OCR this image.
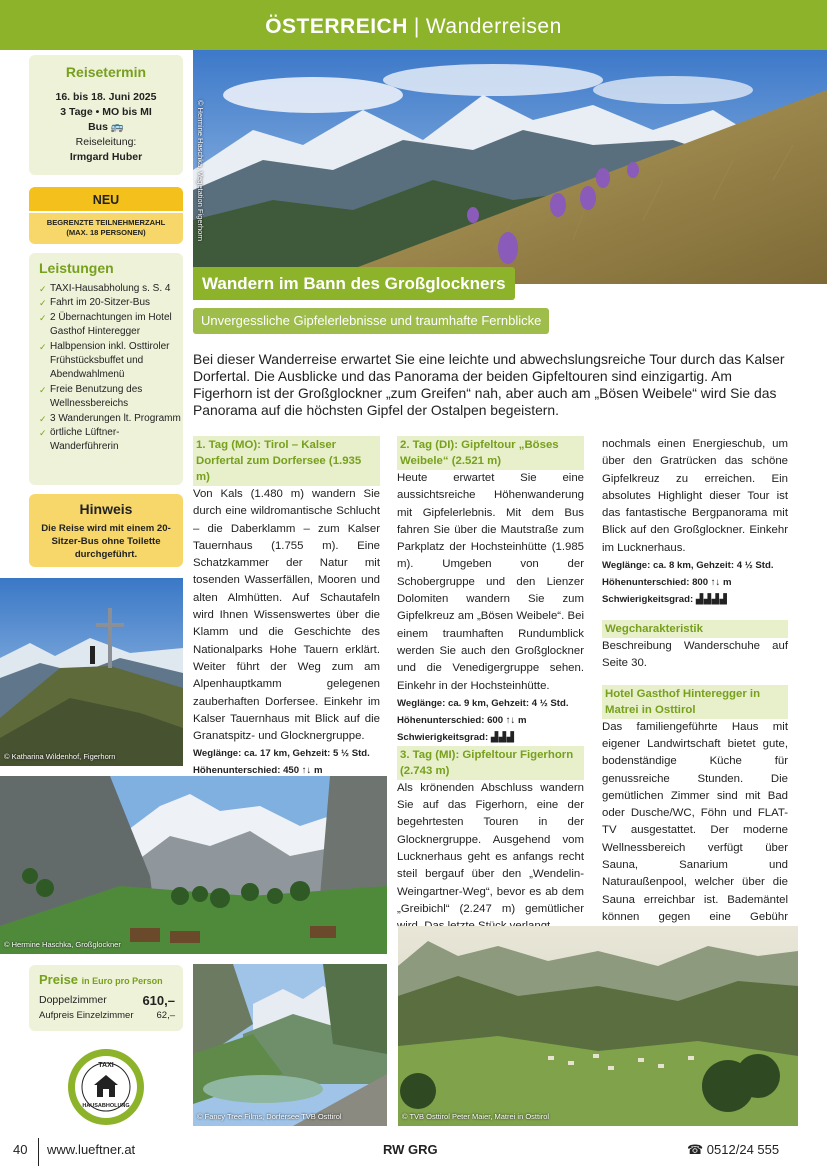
ÖSTERREICH | Wanderreisen
Reisetermin
16. bis 18. Juni 2025
3 Tage • MO bis MI
Bus 🚌
Reiseleitung:
Irmgard Huber
NEU
BEGRENZTE TEILNEHMERZAHL
(MAX. 18 PERSONEN)
Leistungen
✓ TAXI-Hausabholung s. S. 4
✓ Fahrt im 20-Sitzer-Bus
✓ 2 Übernachtungen im Hotel Gasthof Hinteregger
✓ Halbpension inkl. Osttiroler Frühstücksbuffet und Abendwahlmenü
✓ Freie Benutzung des Wellnessbereichs
✓ 3 Wanderungen lt. Programm
✓ örtliche Lüftner-Wanderführerin
Hinweis
Die Reise wird mit einem 20-Sitzer-Bus ohne Toilette durchgeführt.
© Hermine Haschka, Vegetation Figerhorn
Wandern im Bann des Großglockners
Unvergessliche Gipfelerlebnisse und traumhafte Fernblicke
Bei dieser Wanderreise erwartet Sie eine leichte und abwechslungsreiche Tour durch das Kalser Dorfertal. Die Ausblicke und das Panorama der beiden Gipfeltouren sind einzigartig. Am Figerhorn ist der Großglockner „zum Greifen“ nah, aber auch am „Bösen Weibele“ wird Sie das Panorama auf die höchsten Gipfel der Ostalpen begeistern.
1. Tag (MO): Tirol – Kalser Dorfertal zum Dorfersee (1.935 m)
Von Kals (1.480 m) wandern Sie durch eine wildromantische Schlucht – die Daberklamm – zum Kalser Tauernhaus (1.755 m). Eine Schatzkammer der Natur mit tosenden Wasserfällen, Mooren und alten Almhütten. Auf Schautafeln wird Ihnen Wissenswertes über die Klamm und die Geschichte des Nationalparks Hohe Tauern erklärt. Weiter führt der Weg zum am Alpenhauptkamm gelegenen zauberhaften Dorfersee. Einkehr im Kalser Tauernhaus mit Blick auf die Granatspitz- und Glocknergruppe.
Weglänge: ca. 17 km, Gehzeit: 5 ½ Std.
Höhenunterschied: 450 ↑↓ m
2. Tag (DI): Gipfeltour „Böses Weibele“ (2.521 m)
Heute erwartet Sie eine aussichtsreiche Höhenwanderung mit Gipfelerlebnis. Mit dem Bus fahren Sie über die Mautstraße zum Parkplatz der Hochsteinhütte (1.985 m). Umgeben von der Schobergruppe und den Lienzer Dolomiten wandern Sie zum Gipfelkreuz am „Bösen Weibele“. Bei einem traumhaften Rundumblick werden Sie auch den Großglockner und die Venedigergruppe sehen. Einkehr in der Hochsteinhütte.
Weglänge: ca. 9 km, Gehzeit: 4 ½ Std.
Höhenunterschied: 600 ↑↓ m
Schwierigkeitsgrad: ▟▟▟
3. Tag (MI): Gipfeltour Figerhorn (2.743 m)
Als krönenden Abschluss wandern Sie auf das Figerhorn, eine der begehrtesten Touren in der Glocknergruppe. Ausgehend vom Lucknerhaus geht es anfangs recht steil bergauf über den „Wendelin-Weingartner-Weg“, bevor es ab dem „Greibichl“ (2.247 m) gemütlicher
nochmals einen Energieschub, um über den Gratrücken das schöne Gipfelkreuz zu erreichen. Ein absolutes Highlight dieser Tour ist das fantastische Bergpanorama mit Blick auf den Großglockner. Einkehr im Lucknerhaus.
Weglänge: ca. 8 km, Gehzeit: 4 ½ Std.
Höhenunterschied: 800 ↑↓ m
Schwierigkeitsgrad: ▟▟▟▟
Wegcharakteristik
Beschreibung Wanderschuhe auf Seite 30.
Hotel Gasthof Hinteregger in Matrei in Osttirol
Das familiengeführte Haus mit eigener Landwirtschaft bietet gute, bodenständige Küche für genussreiche Stunden. Die gemütlichen Zimmer sind mit Bad oder Dusche/WC, Föhn und FLAT-TV ausgestattet. Der moderne Wellnessbereich verfügt über Sauna, Sanarium und Naturaußenpool, welcher über die Sauna erreichbar ist. Bademäntel können gegen eine Gebühr
© Katharina Wildenhof, Figerhorn
© Hermine Haschka, Großglockner
Preise in Euro pro Person
Doppelzimmer	610,–
Aufpreis Einzelzimmer 62,–
TAXI
HAUSABHOLUNG
© Fancy Tree Films, Dorfersee TVB Osttirol	© TVB Osttirol Peter Maier, Matrei in Osttirol
40 www.lueftner.at	RW GRG	☎ 0512/24 555
